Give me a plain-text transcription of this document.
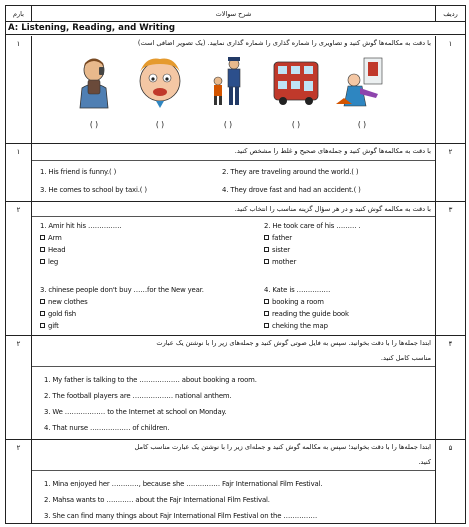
بارم	شرح سوالات	ردیف
A: Listening, Reading, and Writing
۱	با دقت به مکالمه‌ها گوش کنید و تصاویری را شماره گذاری را شماره گذاری نمایید. (یک تصویر اضافی است)
( )	( )	( )	( )	( )
۱
۱	با دقت به مکالمه‌ها گوش کنید و جمله‌های صحیح و غلط را مشخص کنید.
1. His friend is funny.( )	2. They are traveling around the world.( )
3. He comes to school by taxi.( )	4. They drove fast and had an accident.( )
۲
۲	با دقت به مکالمه گوش کنید و در هر سؤال گزینه مناسب را انتخاب کنید.
1. Amir hit his ……………
Arm
Head
leg
2. He took care of his ……… .
father
sister
mother
3. chinese people don't buy ……for the New year.
new clothes
gold fish
gift
4. Kate is ……………
booking a room
reading the guide book
cheking the map
۳
۲	ابتدا جمله‌ها را با دقت بخوانید. سپس به فایل صوتی گوش کنید و جمله‌های زیر را با نوشتن یک عبارت
مناسب کامل کنید.
1. My father is talking to the ……………… about booking a room.
2. The football players are ……………… national anthem.
3. We ……………… to the Internet at school on Monday.
4. That nurse ……………… of children.
۴
۲	ابتدا جمله‌ها را با دقت بخوانید؛ سپس به مکالمه گوش کنید و جمله‌ای زیر را با نوشتن یک عبارت مناسب کامل
کنید.
1. Mina enjoyed her …………, because she …………… Fajr International Film Festival.
2. Mahsa wants to ………… about the Fajr International Film Festival.
3. She can find many things about Fajr International Film Festival on the ……………
۵
